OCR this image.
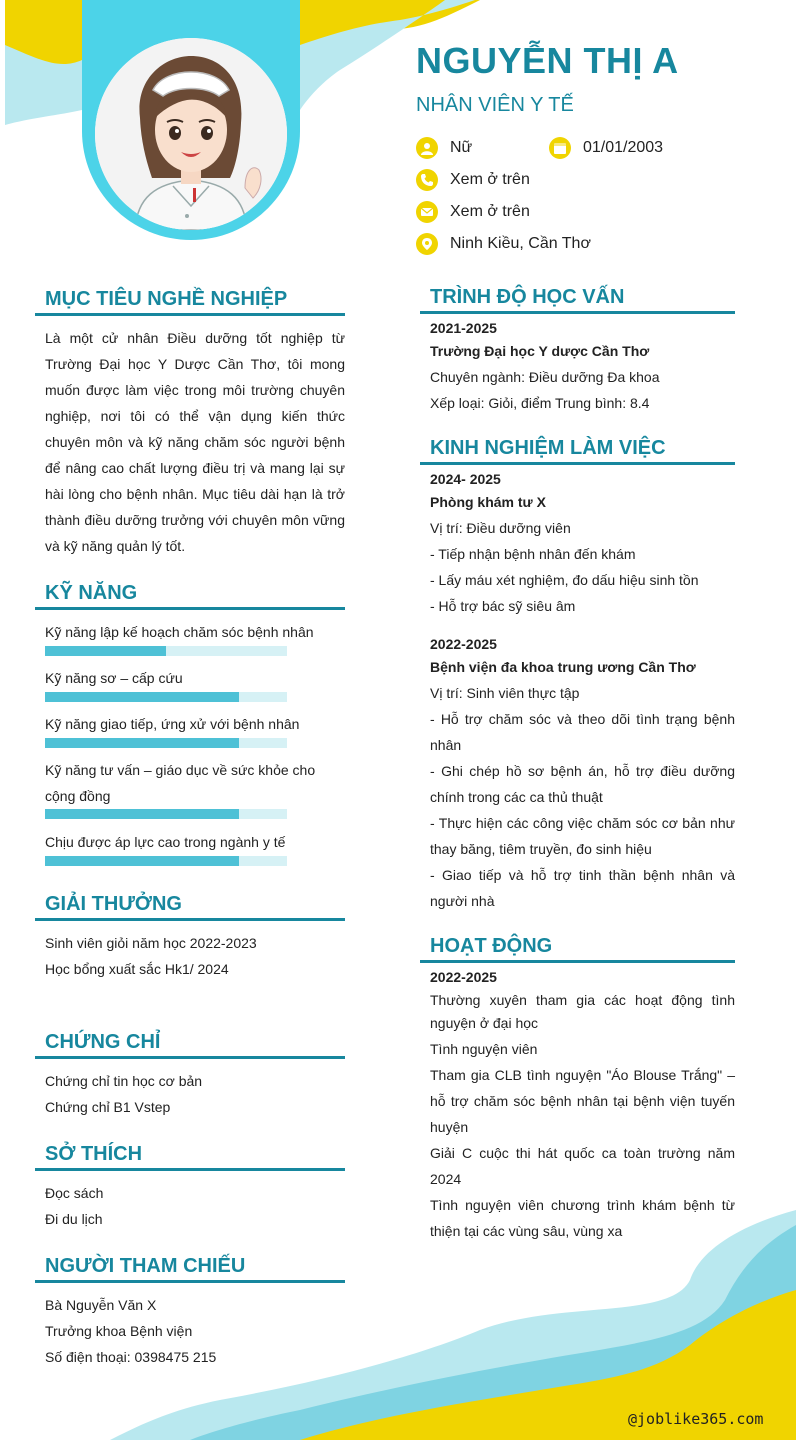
NGUYỄN THỊ A
NHÂN VIÊN Y TẾ
Nữ	01/01/2003
Xem ở trên
Xem ở trên
Ninh Kiều, Cần Thơ
MỤC TIÊU NGHỀ NGHIỆP
Là một cử nhân Điều dưỡng tốt nghiệp từ Trường Đại học Y Dược Cần Thơ, tôi mong muốn được làm việc trong môi trường chuyên nghiệp, nơi tôi có thể vận dụng kiến thức chuyên môn và kỹ năng chăm sóc người bệnh để nâng cao chất lượng điều trị và mang lại sự hài lòng cho bệnh nhân. Mục tiêu dài hạn là trở thành điều dưỡng trưởng với chuyên môn vững và kỹ năng quản lý tốt.
KỸ NĂNG
Kỹ năng lập kế hoạch chăm sóc bệnh nhân
Kỹ năng sơ – cấp cứu
Kỹ năng giao tiếp, ứng xử với bệnh nhân
Kỹ năng tư vấn – giáo dục về sức khỏe cho cộng đồng
Chịu được áp lực cao trong ngành y tế
GIẢI THƯỞNG
Sinh viên giỏi năm học 2022-2023
Học bổng xuất sắc Hk1/ 2024
CHỨNG CHỈ
Chứng chỉ tin học cơ bản
Chứng chỉ B1 Vstep
SỞ THÍCH
Đọc sách
Đi du lịch
NGƯỜI THAM CHIẾU
Bà Nguyễn Văn X
Trưởng khoa Bệnh viện
Số điện thoại: 0398475 215
TRÌNH ĐỘ HỌC VẤN
2021-2025
Trường Đại học Y dược Cần Thơ
Chuyên ngành: Điều dưỡng Đa khoa
Xếp loại: Giỏi, điểm Trung bình: 8.4
KINH NGHIỆM LÀM VIỆC
2024- 2025
Phòng khám tư X
Vị trí: Điều dưỡng viên
- Tiếp nhận bệnh nhân đến khám
- Lấy máu xét nghiệm, đo dấu hiệu sinh tồn
- Hỗ trợ bác sỹ siêu âm
2022-2025
Bệnh viện đa khoa trung ương Cần Thơ
Vị trí: Sinh viên thực tập
- Hỗ trợ chăm sóc và theo dõi tình trạng bệnh nhân
- Ghi chép hồ sơ bệnh án, hỗ trợ điều dưỡng chính trong các ca thủ thuật
- Thực hiện các công việc chăm sóc cơ bản như thay băng, tiêm truyền, đo sinh hiệu
- Giao tiếp và hỗ trợ tinh thần bệnh nhân và người nhà
HOẠT ĐỘNG
2022-2025
Thường xuyên tham gia các hoạt động tình nguyện ở đại học
Tình nguyện viên
Tham gia CLB tình nguyện "Áo Blouse Trắng" – hỗ trợ chăm sóc bệnh nhân tại bệnh viện tuyến huyện
Giải C cuộc thi hát quốc ca toàn trường năm 2024
Tình nguyện viên chương trình khám bệnh từ thiện tại các vùng sâu, vùng xa
@joblike365.com
